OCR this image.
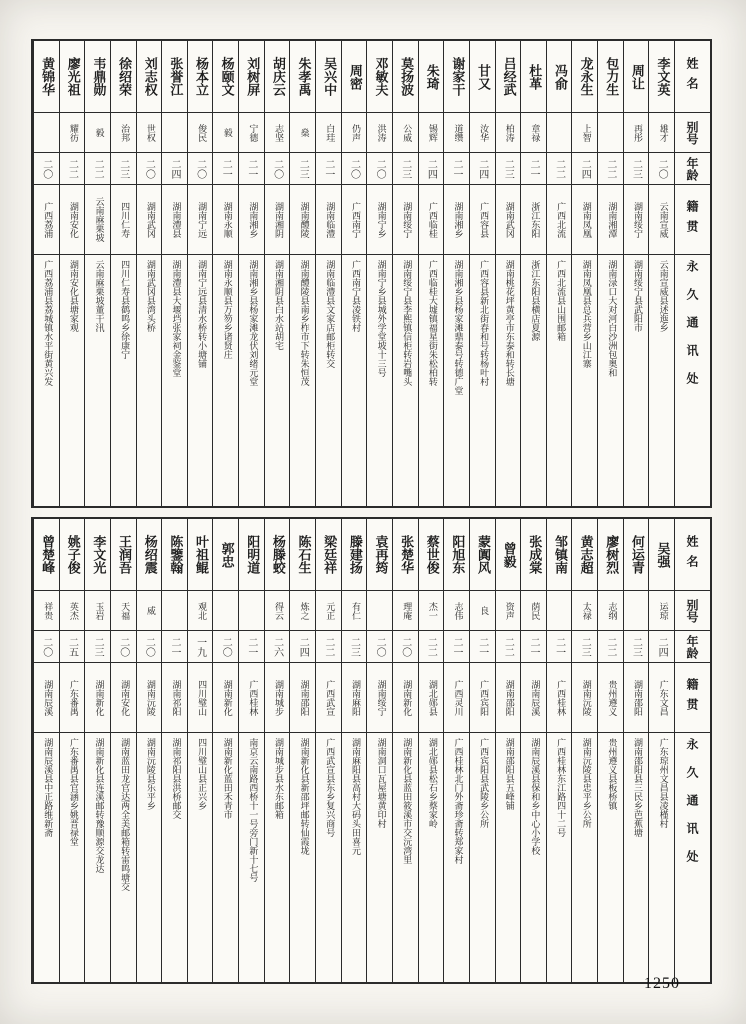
姓名
别号
年龄
籍贯
永久通讯处
李文英
雄才
二〇
云南宣威
云南宣威县述迤乡
周让
再彤
二三
湖南绥宁
湖南绥宁县武阳市
包力生
二二
湖南湘潭
湖南渌口大对河白沙洲包奥和
龙永生
上智
二四
湖南凤凰
湖南凤凰县总兵营乡山江寨
冯俞
二二
广西北流
广西北流县山围邮箱
杜革
章禄
二一
浙江东阳
浙江东阳县横店夏源
吕经武
柏涛
二三
湖南武冈
湖南桃花坪黄亭市东泰和转长塘
甘又
汝华
二四
广西容县
广西容县新北街春和号转杨叶村
谢家干
道缵
二一
湖南湘乡
湖南湘乡县杨家滩鼎泰号转德广堂
朱琦
锡辉
二四
广西临桂
广西临桂大墟镇福星街朱松柏转
莫扬波
公威
二三
湖南绥宁
湖南绥宁县李熙镇信柜转岩嘴头
邓敏夫
洪涛
二〇
湖南宁乡
湖南宁乡县城外学堂坡十三号
周密
仍声
二〇
广西南宁
广西南宁县凌铁村
吴兴中
白珪
二一
湖南临澧
湖南临澧县文家店邮柜转交
朱孝禹
燊
二三
湖南醴陵
湖南醴陵县南乡柞市下转朱恒茂
胡庆云
志坚
二〇
湖南湘阴
湖南湘阴县白水站胡宅
刘树屏
宁德
二一
湖南湘乡
湖南湘乡县杨家滩龙伏刘绪元堂
杨颐文
毅
二一
湖南永顺
湖南永顺县万笏乡诸贤庄
杨本立
俊民
二〇
湖南宁远
湖南宁远县清水桥转小塘铺
张誉江
二四
湖南澧县
湖南澧县大堰垱张家祠金鉴堂
刘志权
世权
二〇
湖南武冈
湖南武冈县湾头桥
徐绍荣
治邦
二三
四川仁寿
四川仁寿县鹤鸣乡徐康宁
韦鼎勋
毅
二二
云南麻栗坡
云南麻栗坡董干汛
廖光祖
耀彷
二二
湖南安化
湖南安化县塘家观
黄锦华
二〇
广西荔浦
广西荔浦县荔城镇水平街黄兴发
姓名
别号
年龄
籍贯
永久通讯处
吴强
运琼
二四
广东文昌
广东琼州文昌县凌槿村
何运青
二三
湖南邵阳
湖南邵阳县三民乡芭蕉塘
廖树烈
志纲
二二
贵州遵义
贵州遵义县板桥镇
黄志超
太禄
二三
湖南沅陵
湖南沅陵县忠平乡公所
邹镇南
二一
广西桂林
广西桂林东江路四十二号
张成棠
荫民
二一
湖南辰溪
湖南辰溪县保和乡中心小学校
曾毅
资声
二二
湖南邵阳
湖南邵阳县五峰铺
蒙阗风
良
二一
广西宾阳
广西宾阳县武陵乡公所
阳旭东
志伟
二一
广西灵川
广西桂林北门外斋珍斋转郑家村
蔡世俊
杰一
二二
湖北郧县
湖北郧县松石乡蔡家岭
张楚华
理庵
二〇
湖南新化
湖南新化县蓝田筱溪市交沅湾里
袁再筠
二〇
湖南绥宁
湖南洞口瓦屋塘黄印村
滕建扬
有仁
二三
湖南麻阳
湖南麻阳县高村大码头田喜元
梁廷祥
元正
二二
广西武宣
广西武宣县东乡复兴商号
陈石生
炼之
二四
湖南邵阳
湖南新化县新邵坪邮转仙霞垅
杨滕蛟
得云
二六
湖南城步
湖南城步县水东邮箱
阳明道
二一
广西桂林
南京云南路西桥十一号旁门新十七号
郭忠
二〇
湖南新化
湖南新化蓝田禾青市
叶祖鲲
观北
一九
四川璧山
四川璧山县正兴乡
陈鑒翰
二一
湖南祁阳
湖南祁阳县洪桥邮交
杨绍震
威
二〇
湖南沅陵
湖南沅陵县乐平乡
王润吾
天福
二〇
湖南安化
湖南蓝田龙官达两全美邮箱转雷鸣塘交
李文光
玉岩
二三
湖南新化
湖南新化县连溪邮转豫顺源交龙达
姚子俊
英杰
二五
广东番禺
广东番禺县官涵乡姚晋禄堂
曾楚峰
祥贵
二〇
湖南辰溪
湖南辰溪县中正路维新斋
1250
